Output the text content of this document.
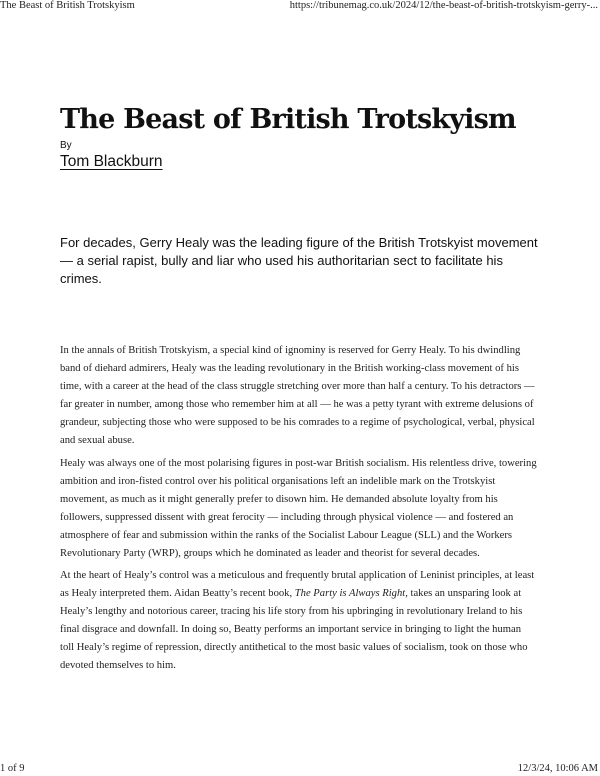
The Beast of British Trotskyism	https://tribunemag.co.uk/2024/12/the-beast-of-british-trotskyism-gerry-...
The Beast of British Trotskyism
By
Tom Blackburn
For decades, Gerry Healy was the leading figure of the British Trotskyist movement
— a serial rapist, bully and liar who used his authoritarian sect to facilitate his
crimes.
In the annals of British Trotskyism, a special kind of ignominy is reserved for Gerry Healy. To his dwindling
band of diehard admirers, Healy was the leading revolutionary in the British working-class movement of his
time, with a career at the head of the class struggle stretching over more than half a century. To his detractors —
far greater in number, among those who remember him at all — he was a petty tyrant with extreme delusions of
grandeur, subjecting those who were supposed to be his comrades to a regime of psychological, verbal, physical
and sexual abuse.
Healy was always one of the most polarising figures in post-war British socialism. His relentless drive, towering
ambition and iron-fisted control over his political organisations left an indelible mark on the Trotskyist
movement, as much as it might generally prefer to disown him. He demanded absolute loyalty from his
followers, suppressed dissent with great ferocity — including through physical violence — and fostered an
atmosphere of fear and submission within the ranks of the Socialist Labour League (SLL) and the Workers
Revolutionary Party (WRP), groups which he dominated as leader and theorist for several decades.
At the heart of Healy’s control was a meticulous and frequently brutal application of Leninist principles, at least
as Healy interpreted them. Aidan Beatty’s recent book, The Party is Always Right, takes an unsparing look at
Healy’s lengthy and notorious career, tracing his life story from his upbringing in revolutionary Ireland to his
final disgrace and downfall. In doing so, Beatty performs an important service in bringing to light the human
toll Healy’s regime of repression, directly antithetical to the most basic values of socialism, took on those who
devoted themselves to him.
1 of 9	12/3/24, 10:06 AM
